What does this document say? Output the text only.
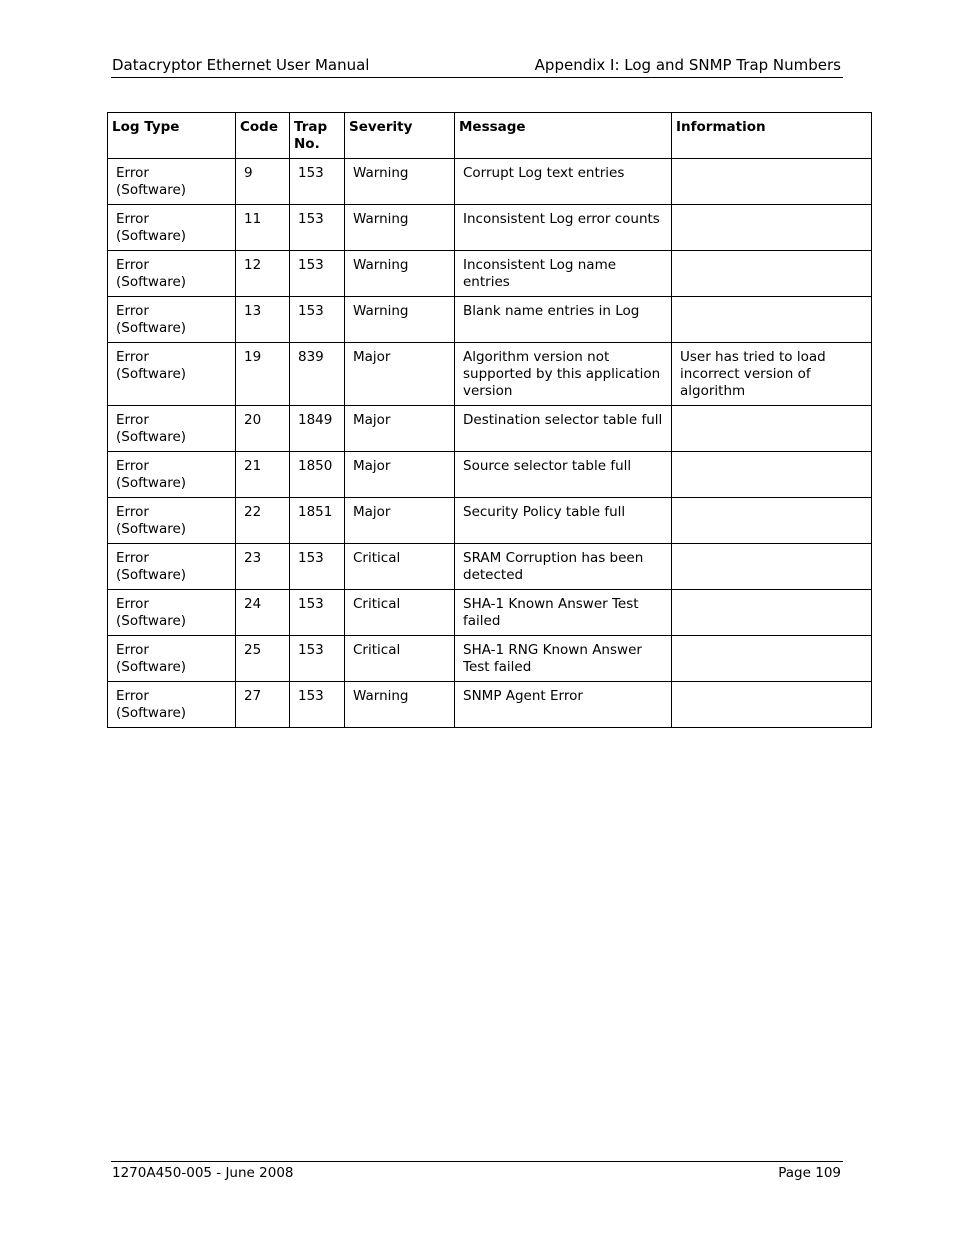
Datacryptor Ethernet User Manual	Appendix I: Log and SNMP Trap Numbers
Log Type	Code	Trap No.	Severity	Message	Information
Error (Software)	9	153	Warning	Corrupt Log text entries	
Error (Software)	11	153	Warning	Inconsistent Log error counts	
Error (Software)	12	153	Warning	Inconsistent Log name entries	
Error (Software)	13	153	Warning	Blank name entries in Log	
Error (Software)	19	839	Major	Algorithm version not supported by this application version	User has tried to load incorrect version of algorithm
Error (Software)	20	1849	Major	Destination selector table full	
Error (Software)	21	1850	Major	Source selector table full	
Error (Software)	22	1851	Major	Security Policy table full	
Error (Software)	23	153	Critical	SRAM Corruption has been detected	
Error (Software)	24	153	Critical	SHA-1 Known Answer Test failed	
Error (Software)	25	153	Critical	SHA-1 RNG Known Answer Test failed	
Error (Software)	27	153	Warning	SNMP Agent Error	
1270A450-005 - June 2008	Page 109
